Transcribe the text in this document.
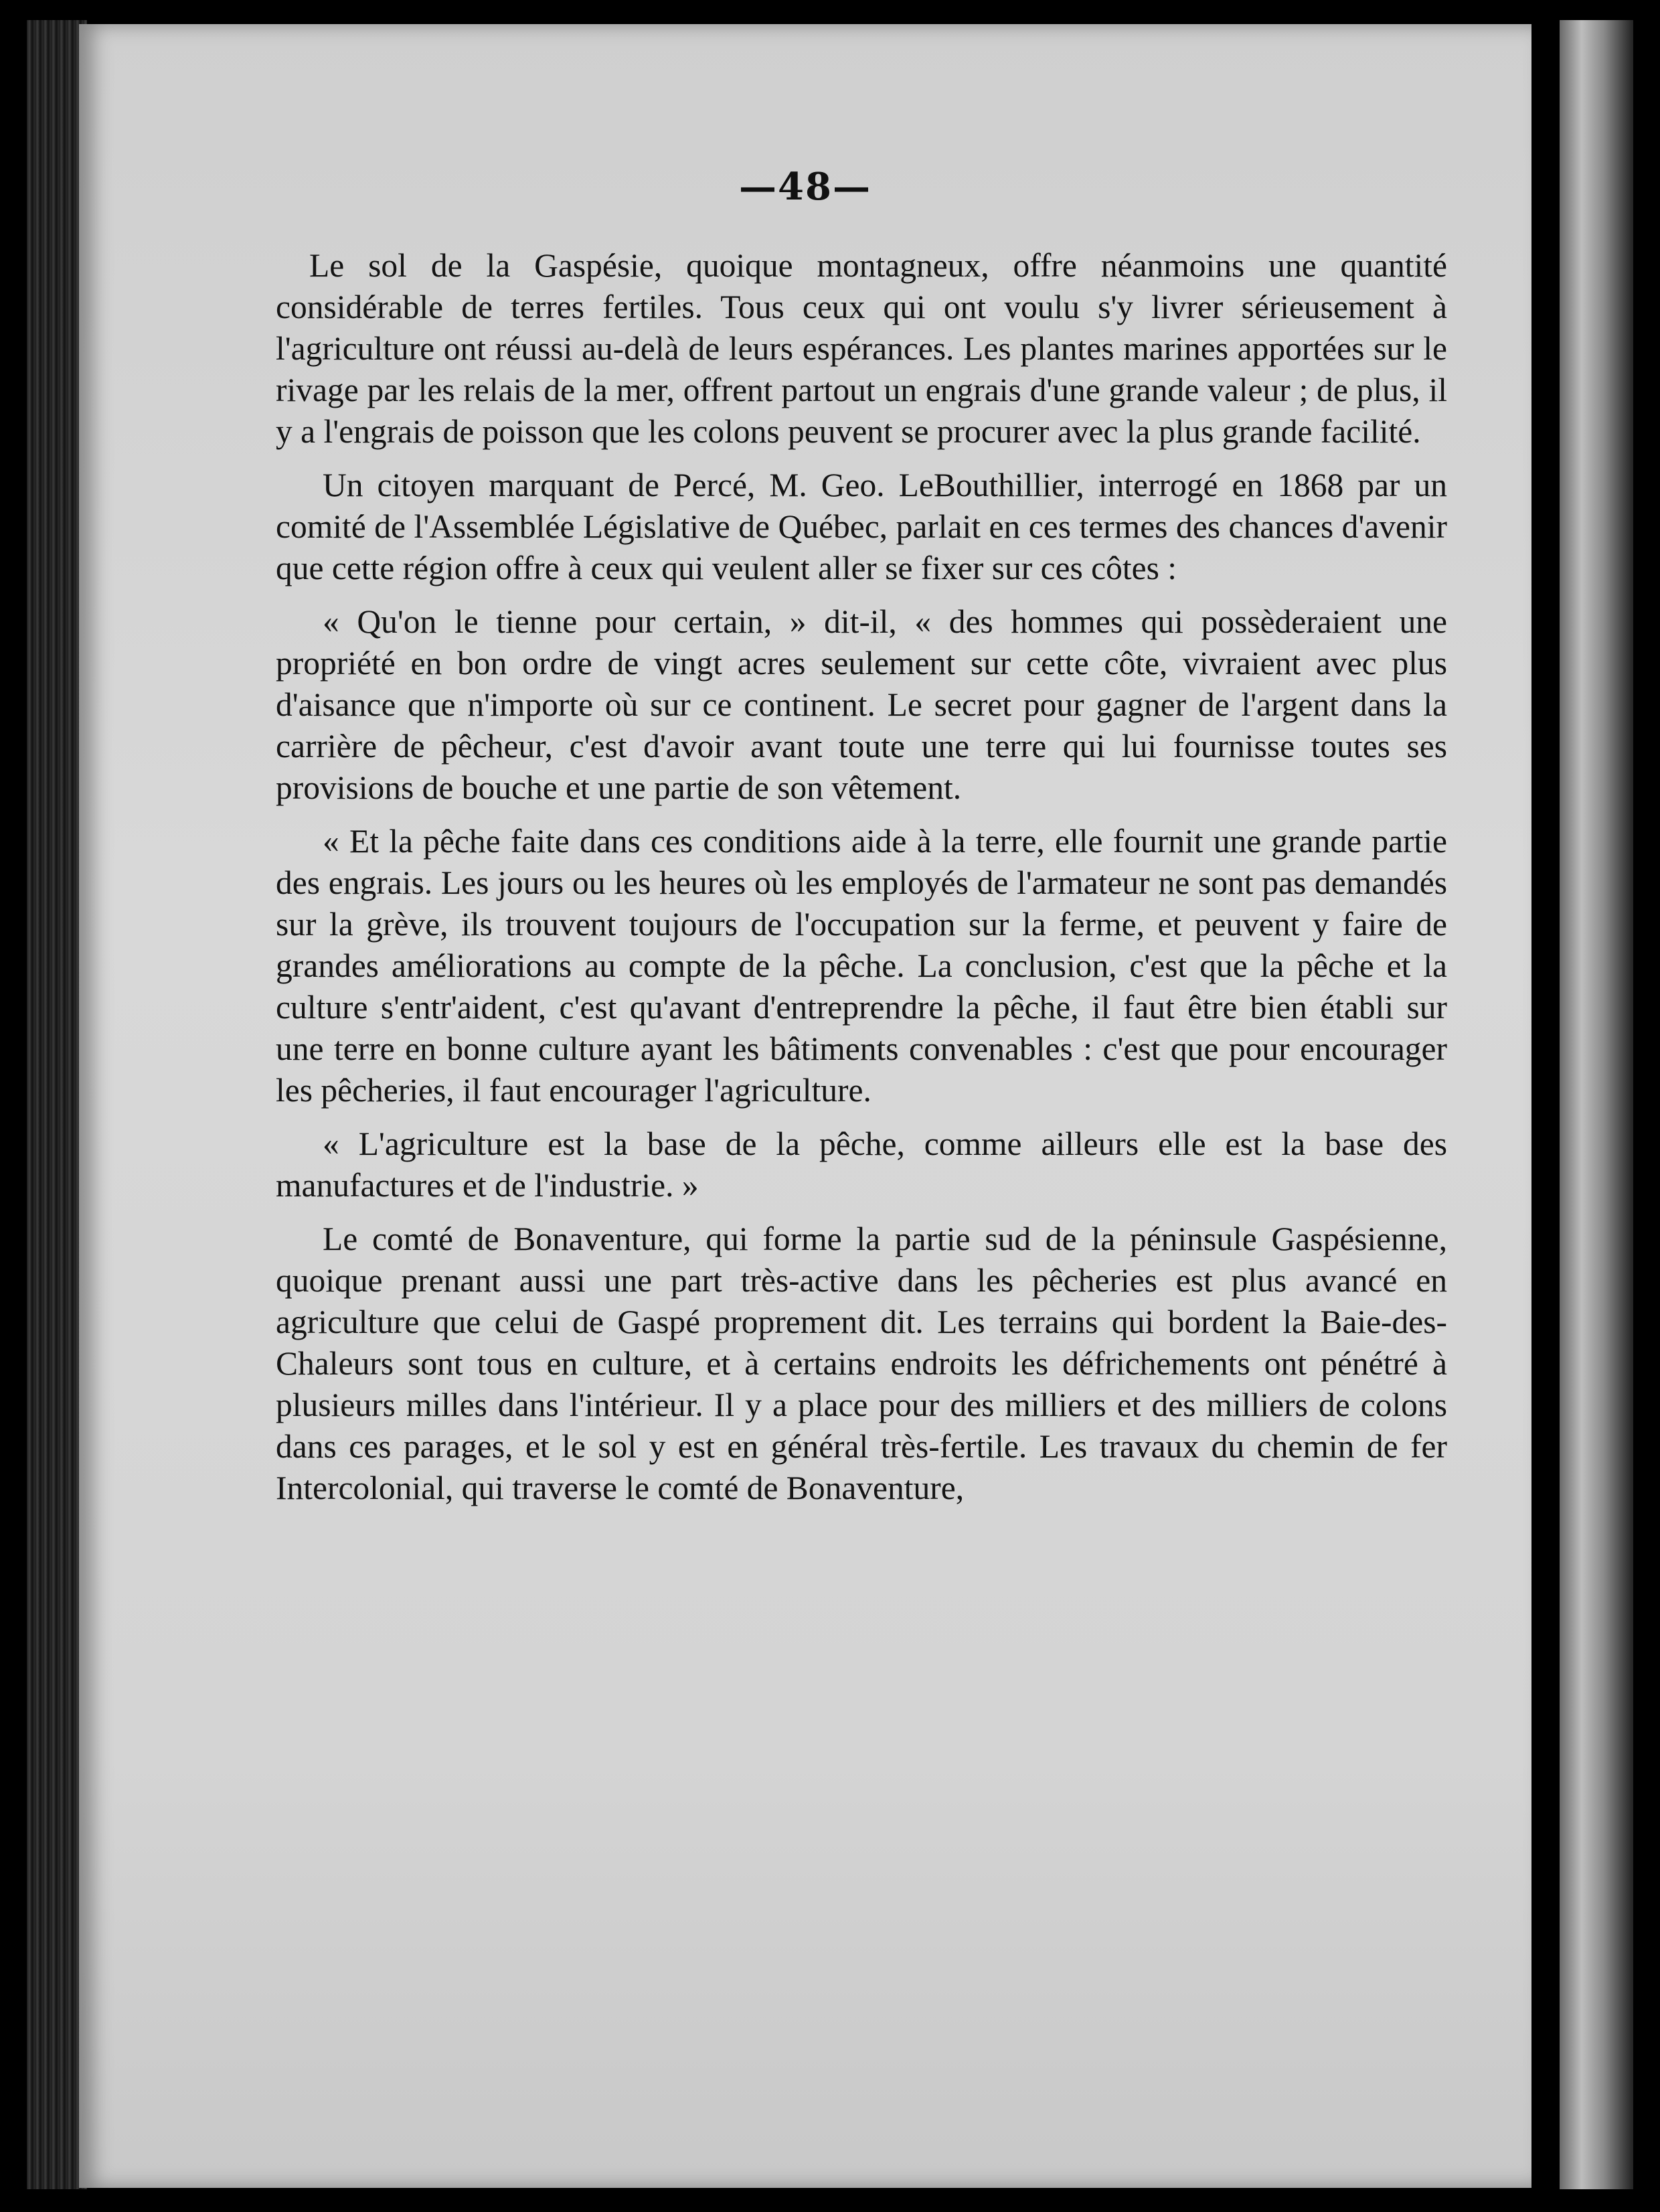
—48—

Le sol de la Gaspésie, quoique montagneux, offre néanmoins une quantité considérable de terres fertiles. Tous ceux qui ont voulu s'y livrer sérieusement à l'agriculture ont réussi au-delà de leurs espérances. Les plantes marines apportées sur le rivage par les relais de la mer, offrent partout un engrais d'une grande valeur ; de plus, il y a l'engrais de poisson que les colons peuvent se procurer avec la plus grande facilité.

Un citoyen marquant de Percé, M. Geo. LeBouthillier, interrogé en 1868 par un comité de l'Assemblée Législative de Québec, parlait en ces termes des chances d'avenir que cette région offre à ceux qui veulent aller se fixer sur ces côtes :

« Qu'on le tienne pour certain, » dit-il, « des hommes qui possèderaient une propriété en bon ordre de vingt acres seulement sur cette côte, vivraient avec plus d'aisance que n'importe où sur ce continent. Le secret pour gagner de l'argent dans la carrière de pêcheur, c'est d'avoir avant toute une terre qui lui fournisse toutes ses provisions de bouche et une partie de son vêtement.

« Et la pêche faite dans ces conditions aide à la terre, elle fournit une grande partie des engrais. Les jours ou les heures où les employés de l'armateur ne sont pas demandés sur la grève, ils trouvent toujours de l'occupation sur la ferme, et peuvent y faire de grandes améliorations au compte de la pêche. La conclusion, c'est que la pêche et la culture s'entr'aident, c'est qu'avant d'entreprendre la pêche, il faut être bien établi sur une terre en bonne culture ayant les bâtiments convenables : c'est que pour encourager les pêcheries, il faut encourager l'agriculture.

« L'agriculture est la base de la pêche, comme ailleurs elle est la base des manufactures et de l'industrie. »

Le comté de Bonaventure, qui forme la partie sud de la péninsule Gaspésienne, quoique prenant aussi une part très-active dans les pêcheries est plus avancé en agriculture que celui de Gaspé proprement dit. Les terrains qui bordent la Baie-des-Chaleurs sont tous en culture, et à certains endroits les défrichements ont pénétré à plusieurs milles dans l'intérieur. Il y a place pour des milliers et des milliers de colons dans ces parages, et le sol y est en général très-fertile. Les travaux du chemin de fer Intercolonial, qui traverse le comté de Bonaventure,
